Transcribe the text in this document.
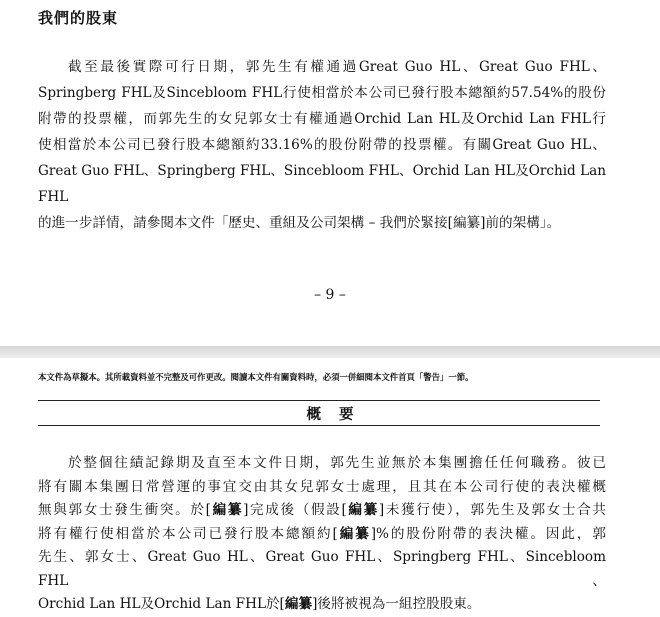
我們的股東
截至最後實際可行日期，郭先生有權通過Great Guo HL、Great Guo FHL、
Springberg FHL及Sincebloom FHL行使相當於本公司已發行股本總額約57.54%的股份
附帶的投票權，而郭先生的女兒郭女士有權通過Orchid Lan HL及Orchid Lan FHL行
使相當於本公司已發行股本總額約33.16%的股份附帶的投票權。有關Great Guo HL、
Great Guo FHL、Springberg FHL、Sincebloom FHL、Orchid Lan HL及Orchid Lan FHL
的進一步詳情，請參閱本文件「歷史、重組及公司架構 – 我們於緊接[編纂]前的架構」。
– 9 –
本文件為草擬本。其所載資料並不完整及可作更改。閱讀本文件有關資料時，必須一併細閱本文件首頁「警告」一節。
概要
於整個往績記錄期及直至本文件日期，郭先生並無於本集團擔任任何職務。彼已
將有關本集團日常營運的事宜交由其女兒郭女士處理，且其在本公司行使的表決權概
無與郭女士發生衝突。於[編纂]完成後（假設[編纂]未獲行使），郭先生及郭女士合共
將有權行使相當於本公司已發行股本總額約[編纂]%的股份附帶的表決權。因此，郭
先生、郭女士、Great Guo HL、Great Guo FHL、Springberg FHL、Sincebloom FHL、
Orchid Lan HL及Orchid Lan FHL於[編纂]後將被視為一組控股股東。
